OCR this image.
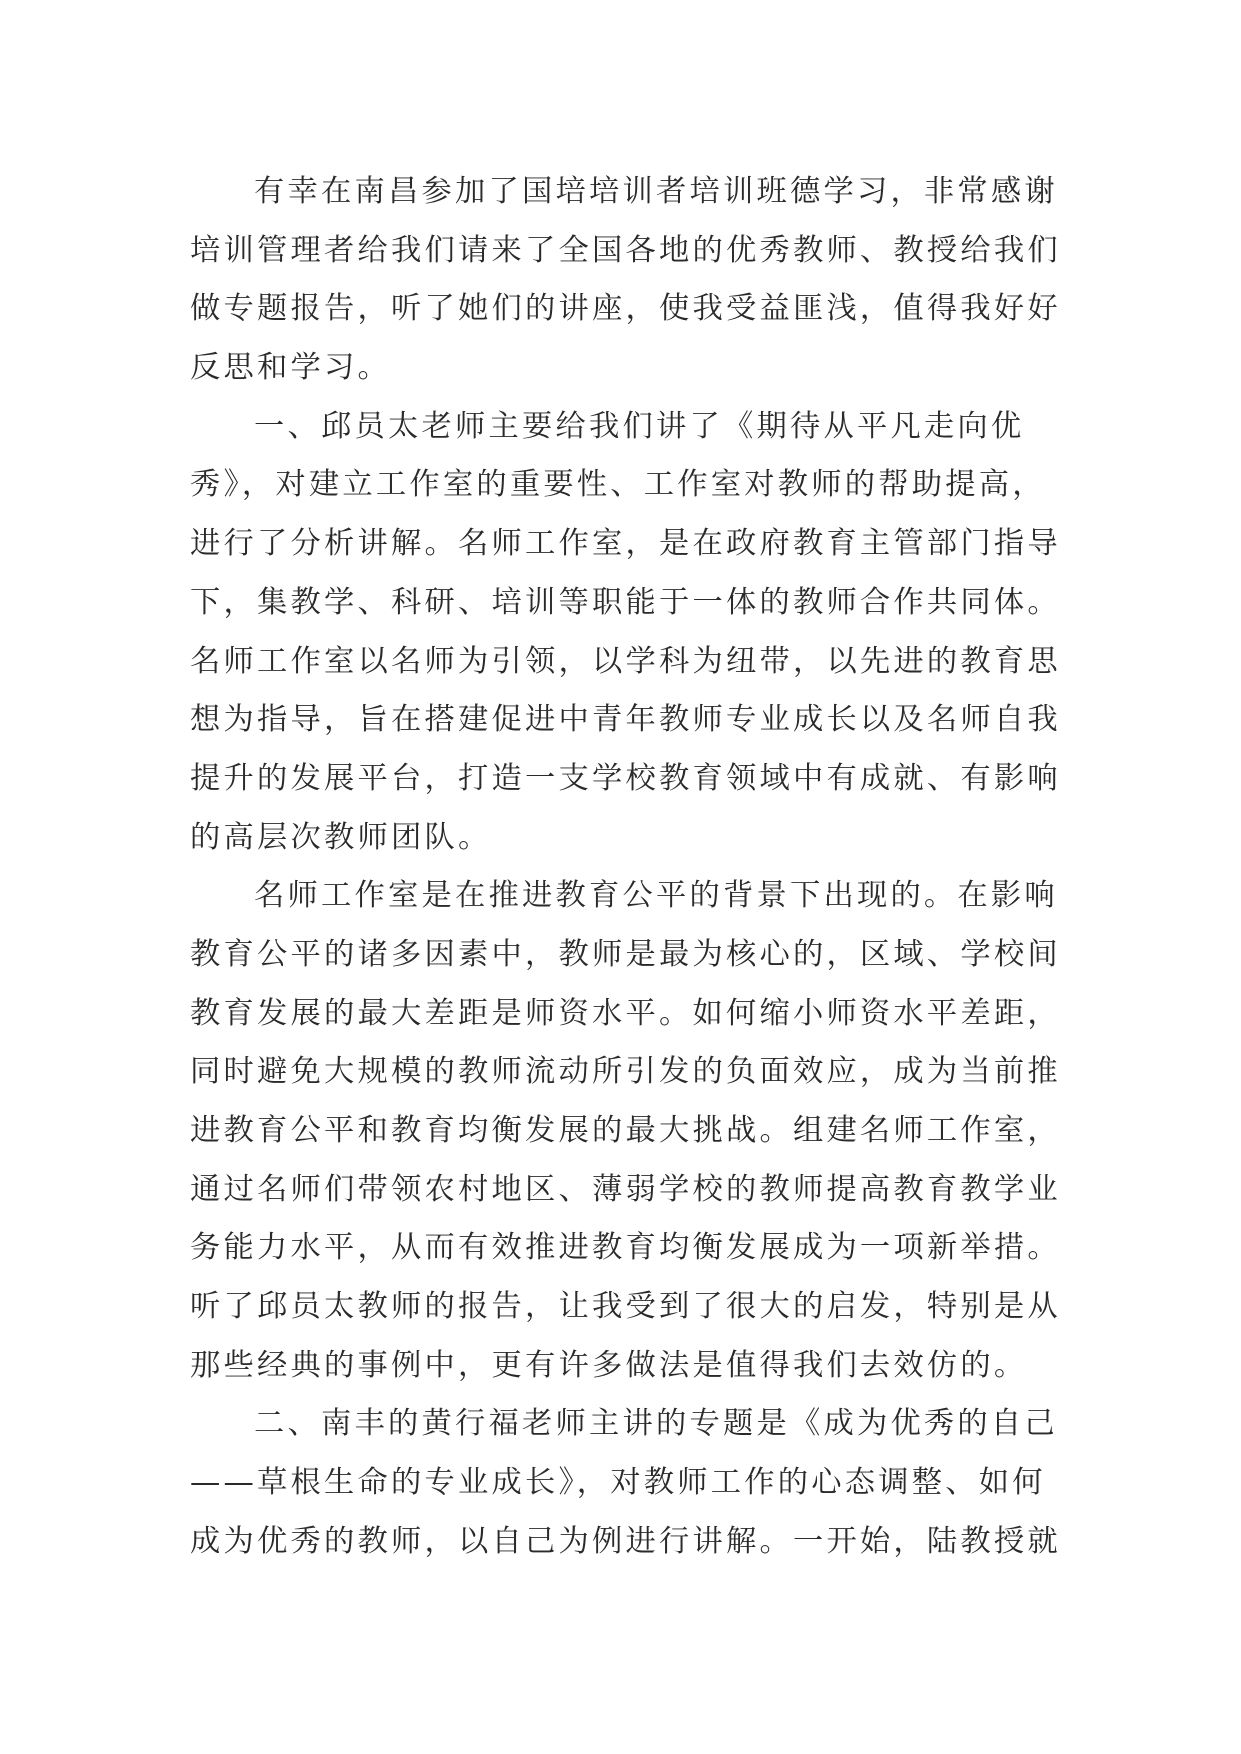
有幸在南昌参加了国培培训者培训班德学习，非常感谢
培训管理者给我们请来了全国各地的优秀教师、教授给我们
做专题报告，听了她们的讲座，使我受益匪浅，值得我好好
反思和学习。
一、邱员太老师主要给我们讲了《期待从平凡走向优
秀》，对建立工作室的重要性、工作室对教师的帮助提高，
进行了分析讲解。名师工作室，是在政府教育主管部门指导
下，集教学、科研、培训等职能于一体的教师合作共同体。
名师工作室以名师为引领，以学科为纽带，以先进的教育思
想为指导，旨在搭建促进中青年教师专业成长以及名师自我
提升的发展平台，打造一支学校教育领域中有成就、有影响
的高层次教师团队。
名师工作室是在推进教育公平的背景下出现的。在影响
教育公平的诸多因素中，教师是最为核心的，区域、学校间
教育发展的最大差距是师资水平。如何缩小师资水平差距，
同时避免大规模的教师流动所引发的负面效应，成为当前推
进教育公平和教育均衡发展的最大挑战。组建名师工作室，
通过名师们带领农村地区、薄弱学校的教师提高教育教学业
务能力水平，从而有效推进教育均衡发展成为一项新举措。
听了邱员太教师的报告，让我受到了很大的启发，特别是从
那些经典的事例中，更有许多做法是值得我们去效仿的。
二、南丰的黄行福老师主讲的专题是《成为优秀的自己
——草根生命的专业成长》，对教师工作的心态调整、如何
成为优秀的教师，以自己为例进行讲解。一开始，陆教授就
